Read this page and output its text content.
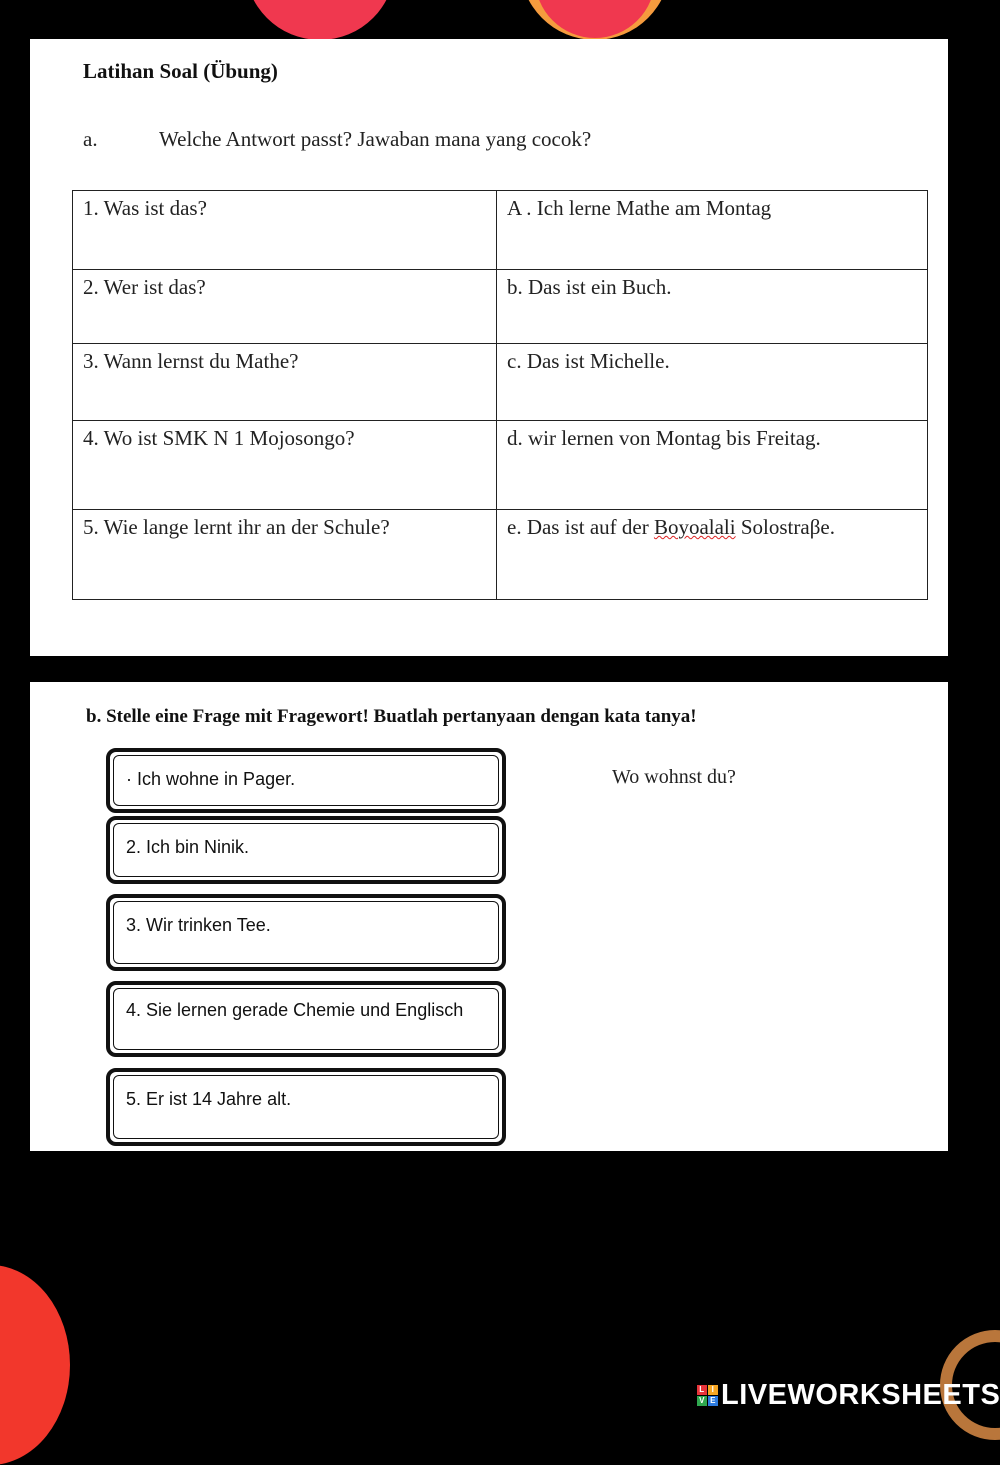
Latihan Soal (Übung)
a.	Welche Antwort passt? Jawaban mana yang cocok?
1. Was ist das?	A . Ich lerne Mathe am Montag
2. Wer ist das?	b. Das ist ein Buch.
3. Wann lernst du Mathe?	c. Das ist Michelle.
4. Wo ist SMK N 1 Mojosongo?	d. wir lernen von Montag bis Freitag.
5. Wie lange lernt ihr an der Schule?	e. Das ist auf der Boyoalali Solostraβe.
b. Stelle eine Frage mit Fragewort! Buatlah pertanyaan dengan kata tanya!
· Ich wohne in Pager.
2. Ich bin Ninik.
3. Wir trinken Tee.
4. Sie lernen gerade Chemie und Englisch
5. Er ist 14 Jahre alt.
Wo wohnst du?
L I
V E LIVEWORKSHEETS
